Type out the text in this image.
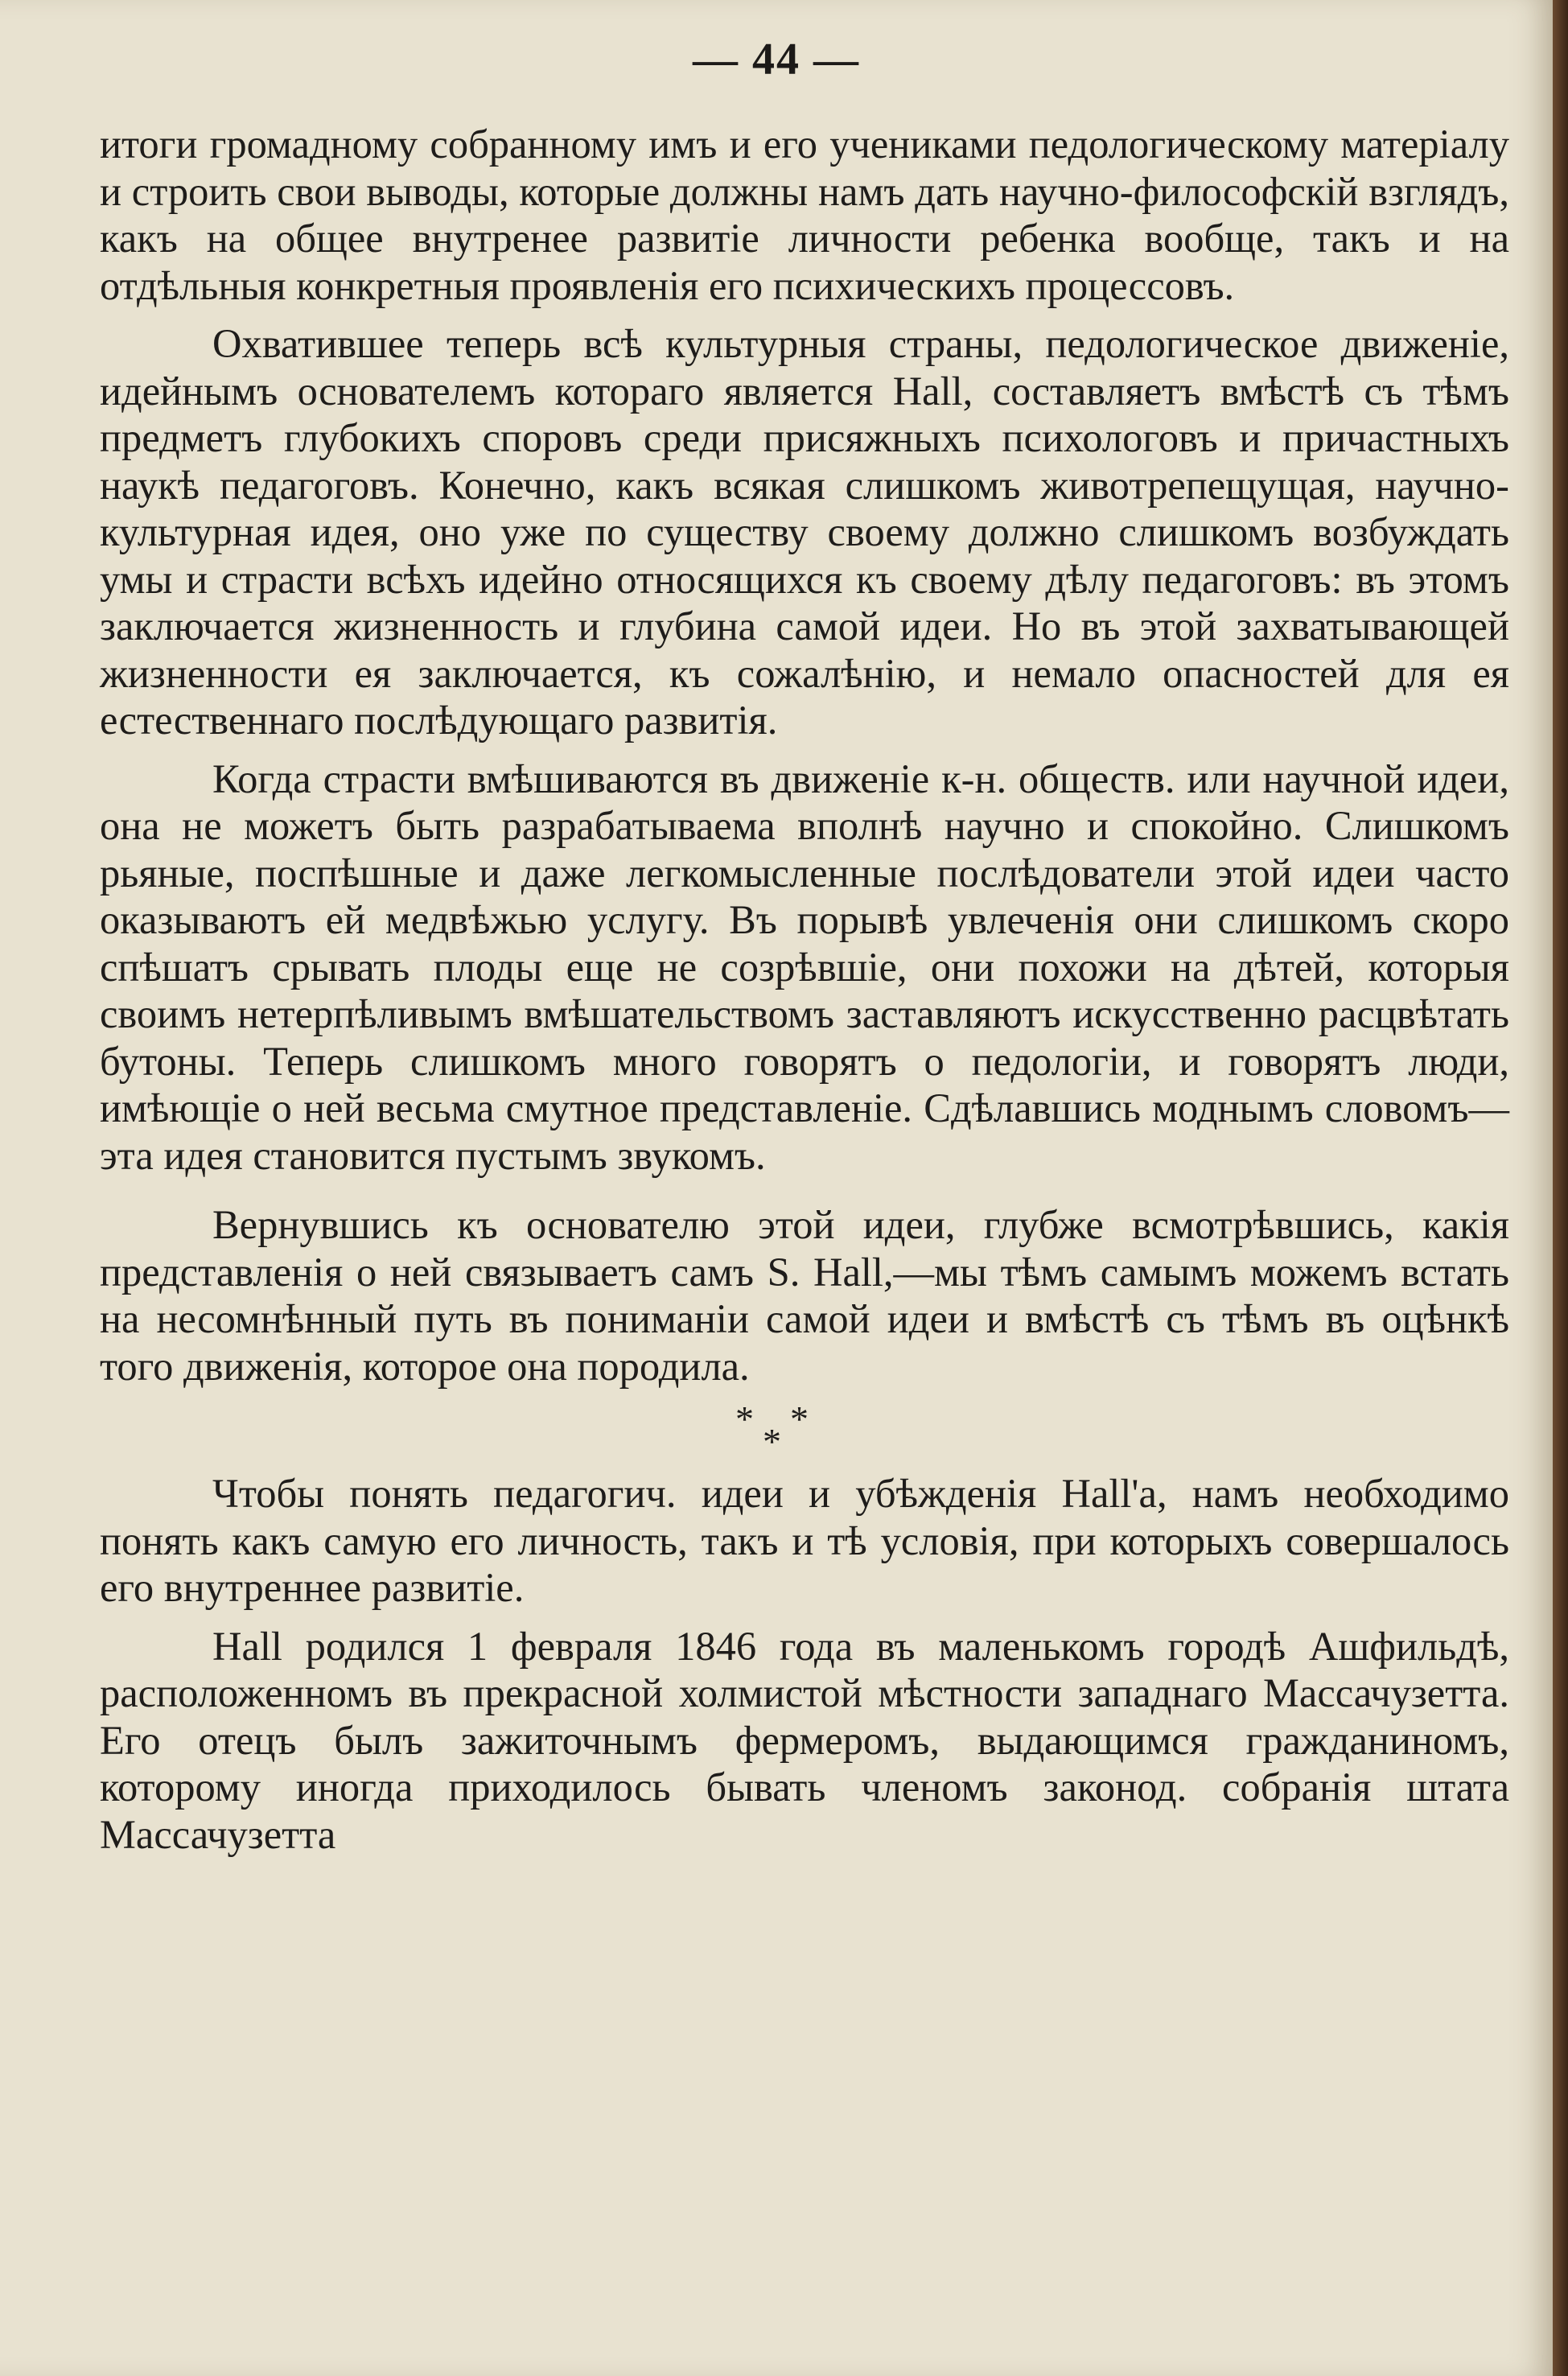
— 44 —

итоги громадному собранному имъ и его учениками педологическому матеріалу и строить свои выводы, которые должны намъ дать научно-философскій взглядъ, какъ на общее внутренее развитіе личности ребенка вообще, такъ и на отдѣльныя конкретныя проявленія его психическихъ процессовъ.

Охватившее теперь всѣ культурныя страны, педологическое движеніе, идейнымъ основателемъ котораго является Hall, составляетъ вмѣстѣ съ тѣмъ предметъ глубокихъ споровъ среди присяжныхъ психологовъ и причастныхъ наукѣ педагоговъ. Конечно, какъ всякая слишкомъ животрепещущая, научно-культурная идея, оно уже по существу своему должно слишкомъ возбуждать умы и страсти всѣхъ идейно относящихся къ своему дѣлу педагоговъ: въ этомъ заключается жизненность и глубина самой идеи. Но въ этой захватывающей жизненности ея заключается, къ сожалѣнію, и немало опасностей для ея естественнаго послѣдующаго развитія.

Когда страсти вмѣшиваются въ движеніе к-н. обществ. или научной идеи, она не можетъ быть разрабатываема вполнѣ научно и спокойно. Слишкомъ рьяные, поспѣшные и даже легкомысленные послѣдователи этой идеи часто оказываютъ ей медвѣжью услугу. Въ порывѣ увлеченія они слишкомъ скоро спѣшатъ срывать плоды еще не созрѣвшіе, они похожи на дѣтей, которыя своимъ нетерпѣливымъ вмѣшательствомъ заставляютъ искусственно расцвѣтать бутоны. Теперь слишкомъ много говорятъ о педологіи, и говорятъ люди, имѣющіе о ней весьма смутное представленіе. Сдѣлавшись моднымъ словомъ—эта идея становится пустымъ звукомъ.

Вернувшись къ основателю этой идеи, глубже всмотрѣвшись, какія представленія о ней связываетъ самъ S. Hall,—мы тѣмъ самымъ можемъ встать на несомнѣнный путь въ пониманіи самой идеи и вмѣстѣ съ тѣмъ въ оцѣнкѣ того движенія, которое она породила.

* *
*

Чтобы понять педагогич. идеи и убѣжденія Hall'а, намъ необходимо понять какъ самую его личность, такъ и тѣ условія, при которыхъ совершалось его внутреннее развитіе.

Hall родился 1 февраля 1846 года въ маленькомъ городѣ Ашфильдѣ, расположенномъ въ прекрасной холмистой мѣстности западнаго Массачузетта. Его отецъ былъ зажиточнымъ фермеромъ, выдающимся гражданиномъ, которому иногда приходилось бывать членомъ законод. собранія штата Массачузетта
